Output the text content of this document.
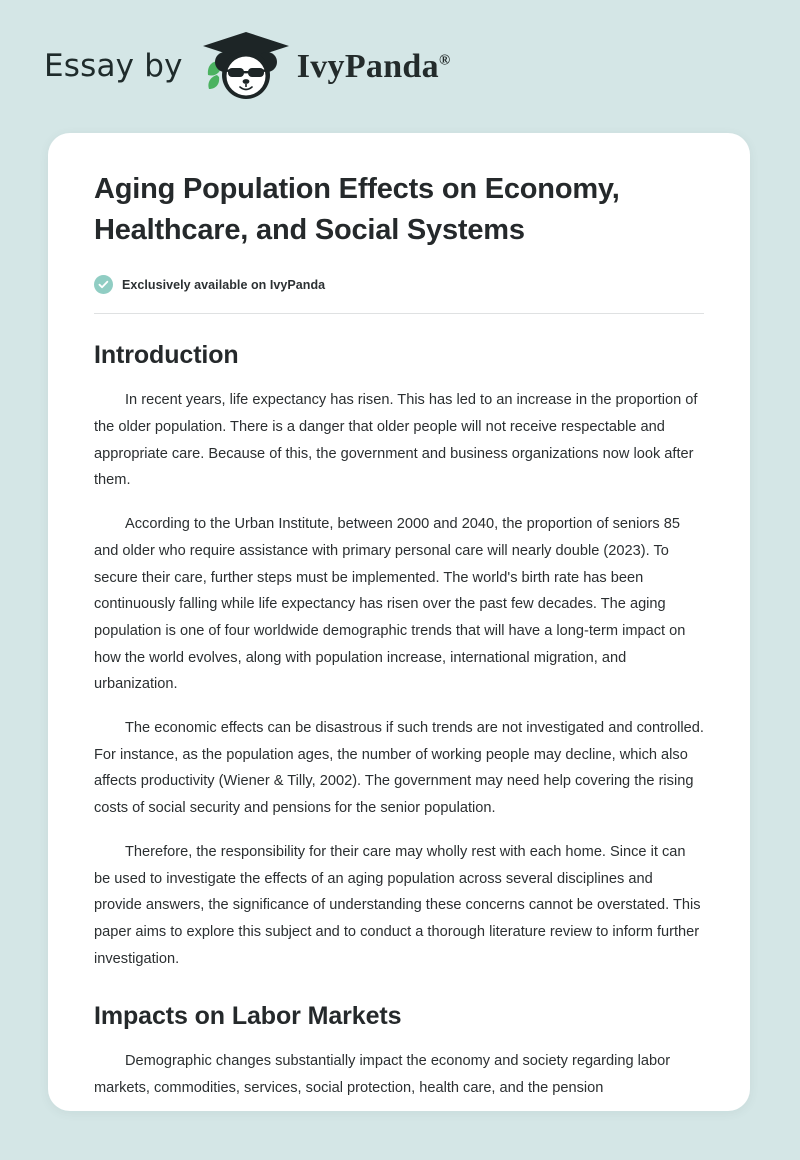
Essay by	IvyPanda®
Aging Population Effects on Economy, Healthcare, and Social Systems
Exclusively available on IvyPanda
Introduction

In recent years, life expectancy has risen. This has led to an increase in the proportion of the older population. There is a danger that older people will not receive respectable and appropriate care. Because of this, the government and business organizations now look after them.

According to the Urban Institute, between 2000 and 2040, the proportion of seniors 85 and older who require assistance with primary personal care will nearly double (2023). To secure their care, further steps must be implemented. The world's birth rate has been continuously falling while life expectancy has risen over the past few decades. The aging population is one of four worldwide demographic trends that will have a long-term impact on how the world evolves, along with population increase, international migration, and urbanization.

The economic effects can be disastrous if such trends are not investigated and controlled. For instance, as the population ages, the number of working people may decline, which also affects productivity (Wiener & Tilly, 2002). The government may need help covering the rising costs of social security and pensions for the senior population.

Therefore, the responsibility for their care may wholly rest with each home. Since it can be used to investigate the effects of an aging population across several disciplines and provide answers, the significance of understanding these concerns cannot be overstated. This paper aims to explore this subject and to conduct a thorough literature review to inform further investigation.

Impacts on Labor Markets

Demographic changes substantially impact the economy and society regarding labor markets, commodities, services, social protection, health care, and the pension
